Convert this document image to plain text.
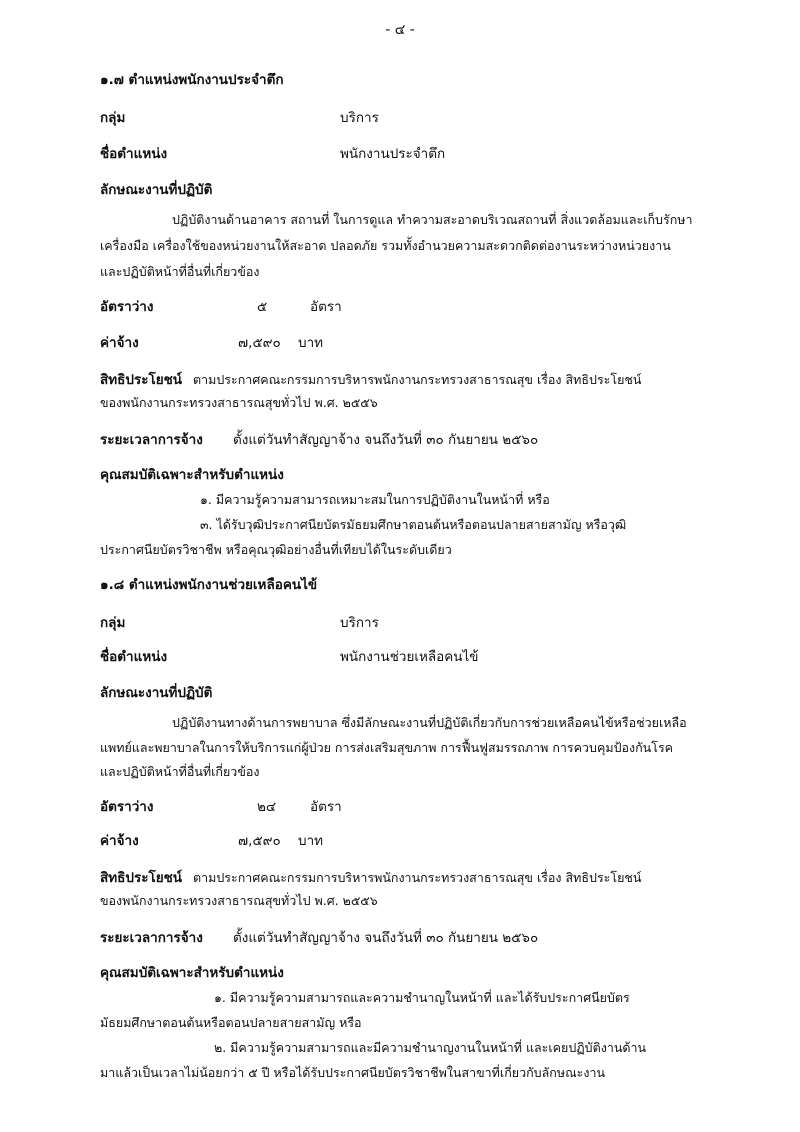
- ๔ -
๑.๗ ตำแหน่งพนักงานประจำตึก
กลุ่ม	บริการ
ชื่อตำแหน่ง	พนักงานประจำตึก
ลักษณะงานที่ปฏิบัติ
ปฏิบัติงานด้านอาคาร สถานที่ ในการดูแล ทำความสะอาดบริเวณสถานที่ สิ่งแวดล้อมและเก็บรักษา
เครื่องมือ เครื่องใช้ของหน่วยงานให้สะอาด ปลอดภัย รวมทั้งอำนวยความสะดวกติดต่องานระหว่างหน่วยงาน
และปฏิบัติหน้าที่อื่นที่เกี่ยวข้อง
อัตราว่าง	๕	อัตรา
ค่าจ้าง	๗,๕๙๐ บาท
สิทธิประโยชน์ ตามประกาศคณะกรรมการบริหารพนักงานกระทรวงสาธารณสุข เรื่อง สิทธิประโยชน์
ของพนักงานกระทรวงสาธารณสุขทั่วไป พ.ศ. ๒๕๕๖
ระยะเวลาการจ้าง ตั้งแต่วันทำสัญญาจ้าง จนถึงวันที่ ๓๐ กันยายน ๒๕๖๐
คุณสมบัติเฉพาะสำหรับตำแหน่ง
๑. มีความรู้ความสามารถเหมาะสมในการปฏิบัติงานในหน้าที่ หรือ
๓. ได้รับวุฒิประกาศนียบัตรมัธยมศึกษาตอนต้นหรือตอนปลายสายสามัญ หรือวุฒิ
ประกาศนียบัตรวิชาชีพ หรือคุณวุฒิอย่างอื่นที่เทียบได้ในระดับเดียว
๑.๘ ตำแหน่งพนักงานช่วยเหลือคนไข้
กลุ่ม	บริการ
ชื่อตำแหน่ง	พนักงานช่วยเหลือคนไข้
ลักษณะงานที่ปฏิบัติ
ปฏิบัติงานทางด้านการพยาบาล ซึ่งมีลักษณะงานที่ปฏิบัติเกี่ยวกับการช่วยเหลือคนไข้หรือช่วยเหลือ
แพทย์และพยาบาลในการให้บริการแก่ผู้ป่วย การส่งเสริมสุขภาพ การฟื้นฟูสมรรถภาพ การควบคุมป้องกันโรค
และปฏิบัติหน้าที่อื่นที่เกี่ยวข้อง
อัตราว่าง	๒๔	อัตรา
ค่าจ้าง	๗,๕๙๐ บาท
สิทธิประโยชน์ ตามประกาศคณะกรรมการบริหารพนักงานกระทรวงสาธารณสุข เรื่อง สิทธิประโยชน์
ของพนักงานกระทรวงสาธารณสุขทั่วไป พ.ศ. ๒๕๕๖
ระยะเวลาการจ้าง ตั้งแต่วันทำสัญญาจ้าง จนถึงวันที่ ๓๐ กันยายน ๒๕๖๐
คุณสมบัติเฉพาะสำหรับตำแหน่ง
๑. มีความรู้ความสามารถและความชำนาญในหน้าที่ และได้รับประกาศนียบัตร
มัธยมศึกษาตอนต้นหรือตอนปลายสายสามัญ หรือ
๒. มีความรู้ความสามารถและมีความชำนาญงานในหน้าที่ และเคยปฏิบัติงานด้าน
มาแล้วเป็นเวลาไม่น้อยกว่า ๕ ปี หรือได้รับประกาศนียบัตรวิชาชีพในสาขาที่เกี่ยวกับลักษณะงาน
